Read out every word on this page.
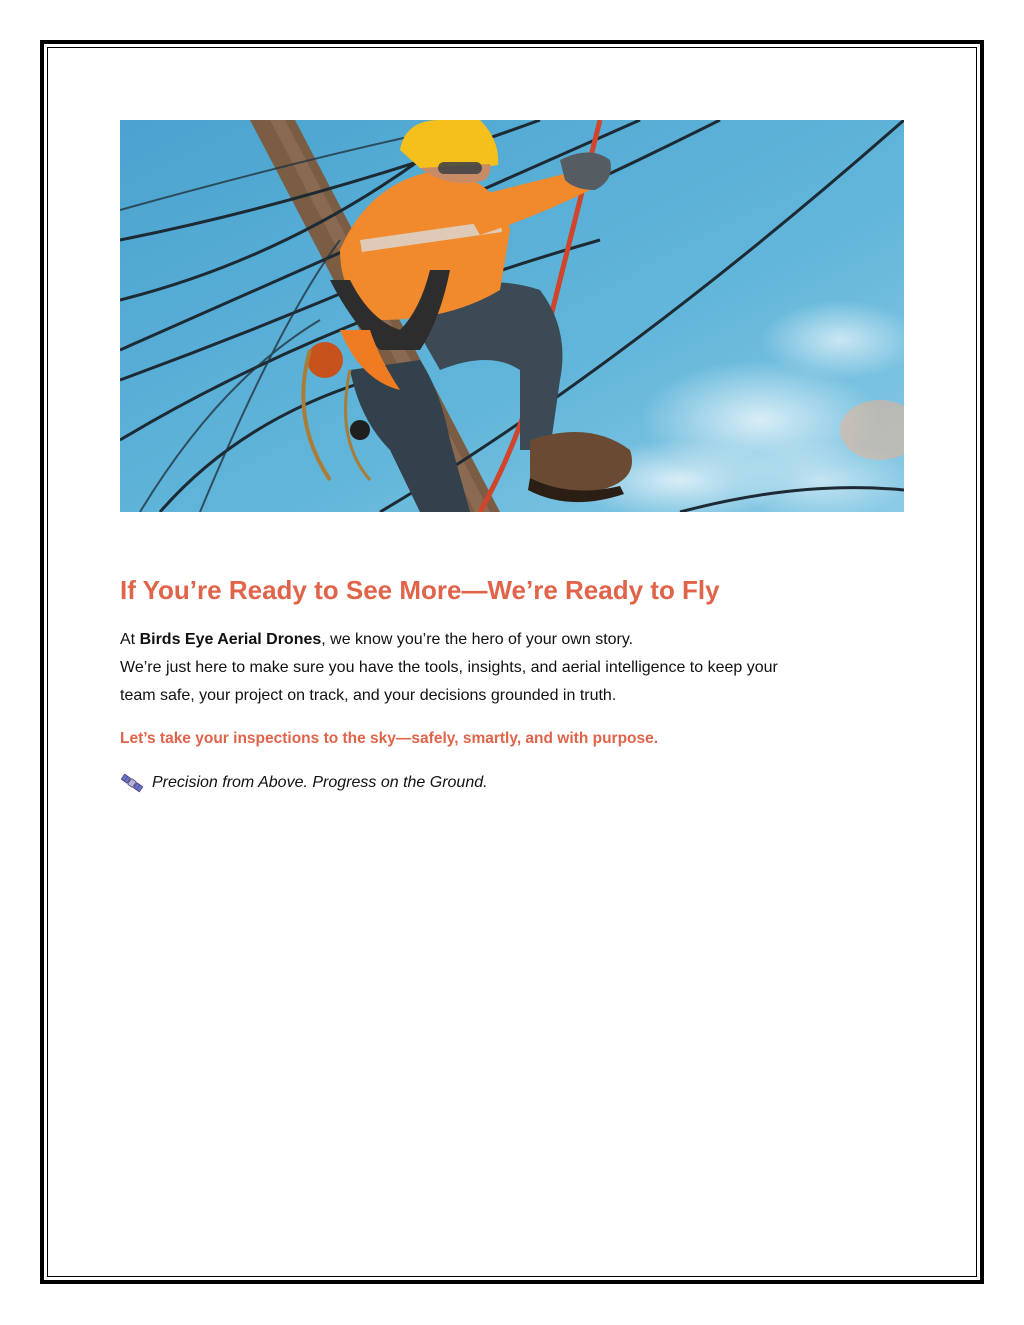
If You’re Ready to See More—We’re Ready to Fly
At Birds Eye Aerial Drones, we know you’re the hero of your own story.
We’re just here to make sure you have the tools, insights, and aerial intelligence to keep your
team safe, your project on track, and your decisions grounded in truth.

Let’s take your inspections to the sky—safely, smartly, and with purpose.

Precision from Above. Progress on the Ground.
